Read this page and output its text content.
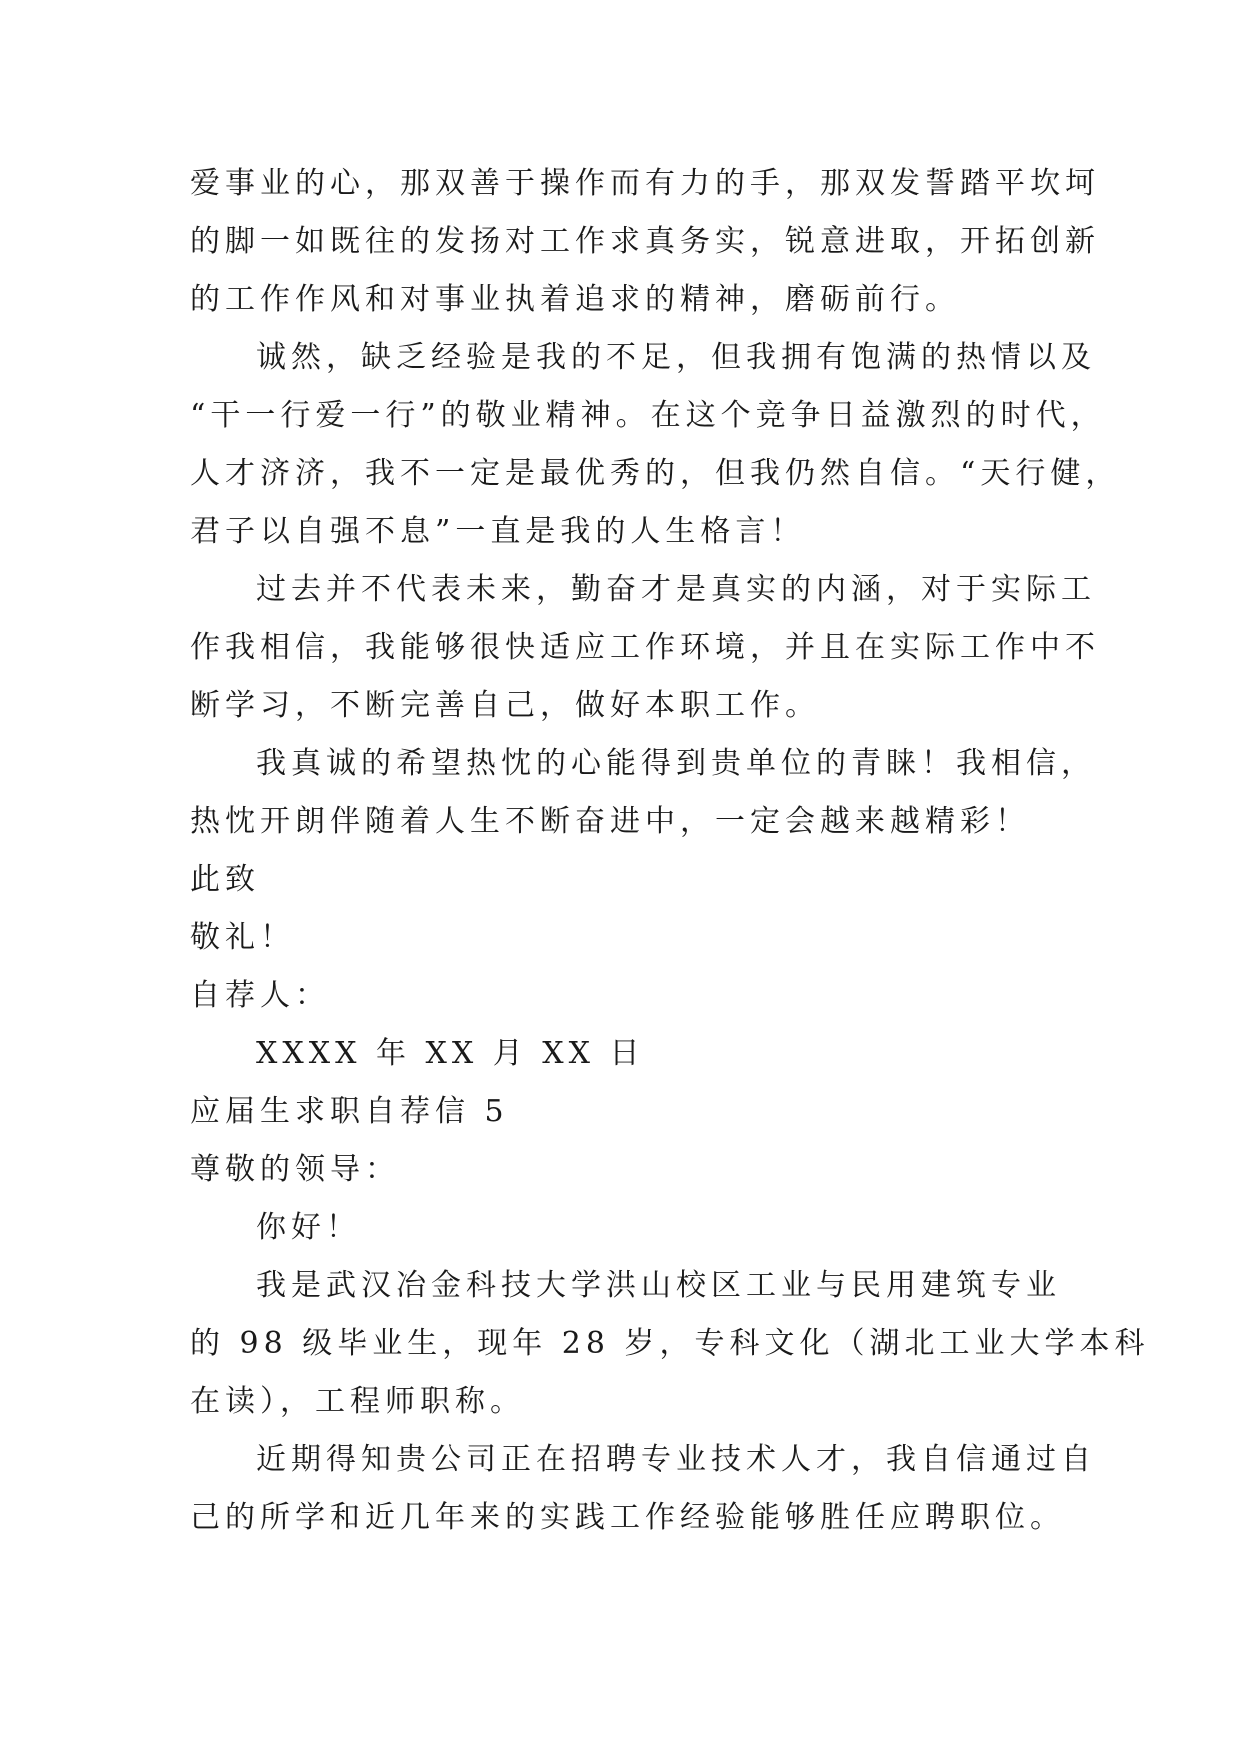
爱事业的心，那双善于操作而有力的手，那双发誓踏平坎坷

的脚一如既往的发扬对工作求真务实，锐意进取，开拓创新

的工作作风和对事业执着追求的精神，磨砺前行。

诚然，缺乏经验是我的不足，但我拥有饱满的热情以及

“干一行爱一行”的敬业精神。在这个竞争日益激烈的时代，

人才济济，我不一定是最优秀的，但我仍然自信。“天行健，

君子以自强不息”一直是我的人生格言！

过去并不代表未来，勤奋才是真实的内涵，对于实际工

作我相信，我能够很快适应工作环境，并且在实际工作中不

断学习，不断完善自己，做好本职工作。

我真诚的希望热忱的心能得到贵单位的青睐！我相信，

热忱开朗伴随着人生不断奋进中，一定会越来越精彩！

此致

敬礼！

自荐人：

XXXX 年 XX 月 XX 日

应届生求职自荐信 5

尊敬的领导：

你好！

我是武汉冶金科技大学洪山校区工业与民用建筑专业

的 98 级毕业生，现年 28 岁，专科文化（湖北工业大学本科

在读），工程师职称。

近期得知贵公司正在招聘专业技术人才，我自信通过自

己的所学和近几年来的实践工作经验能够胜任应聘职位。
